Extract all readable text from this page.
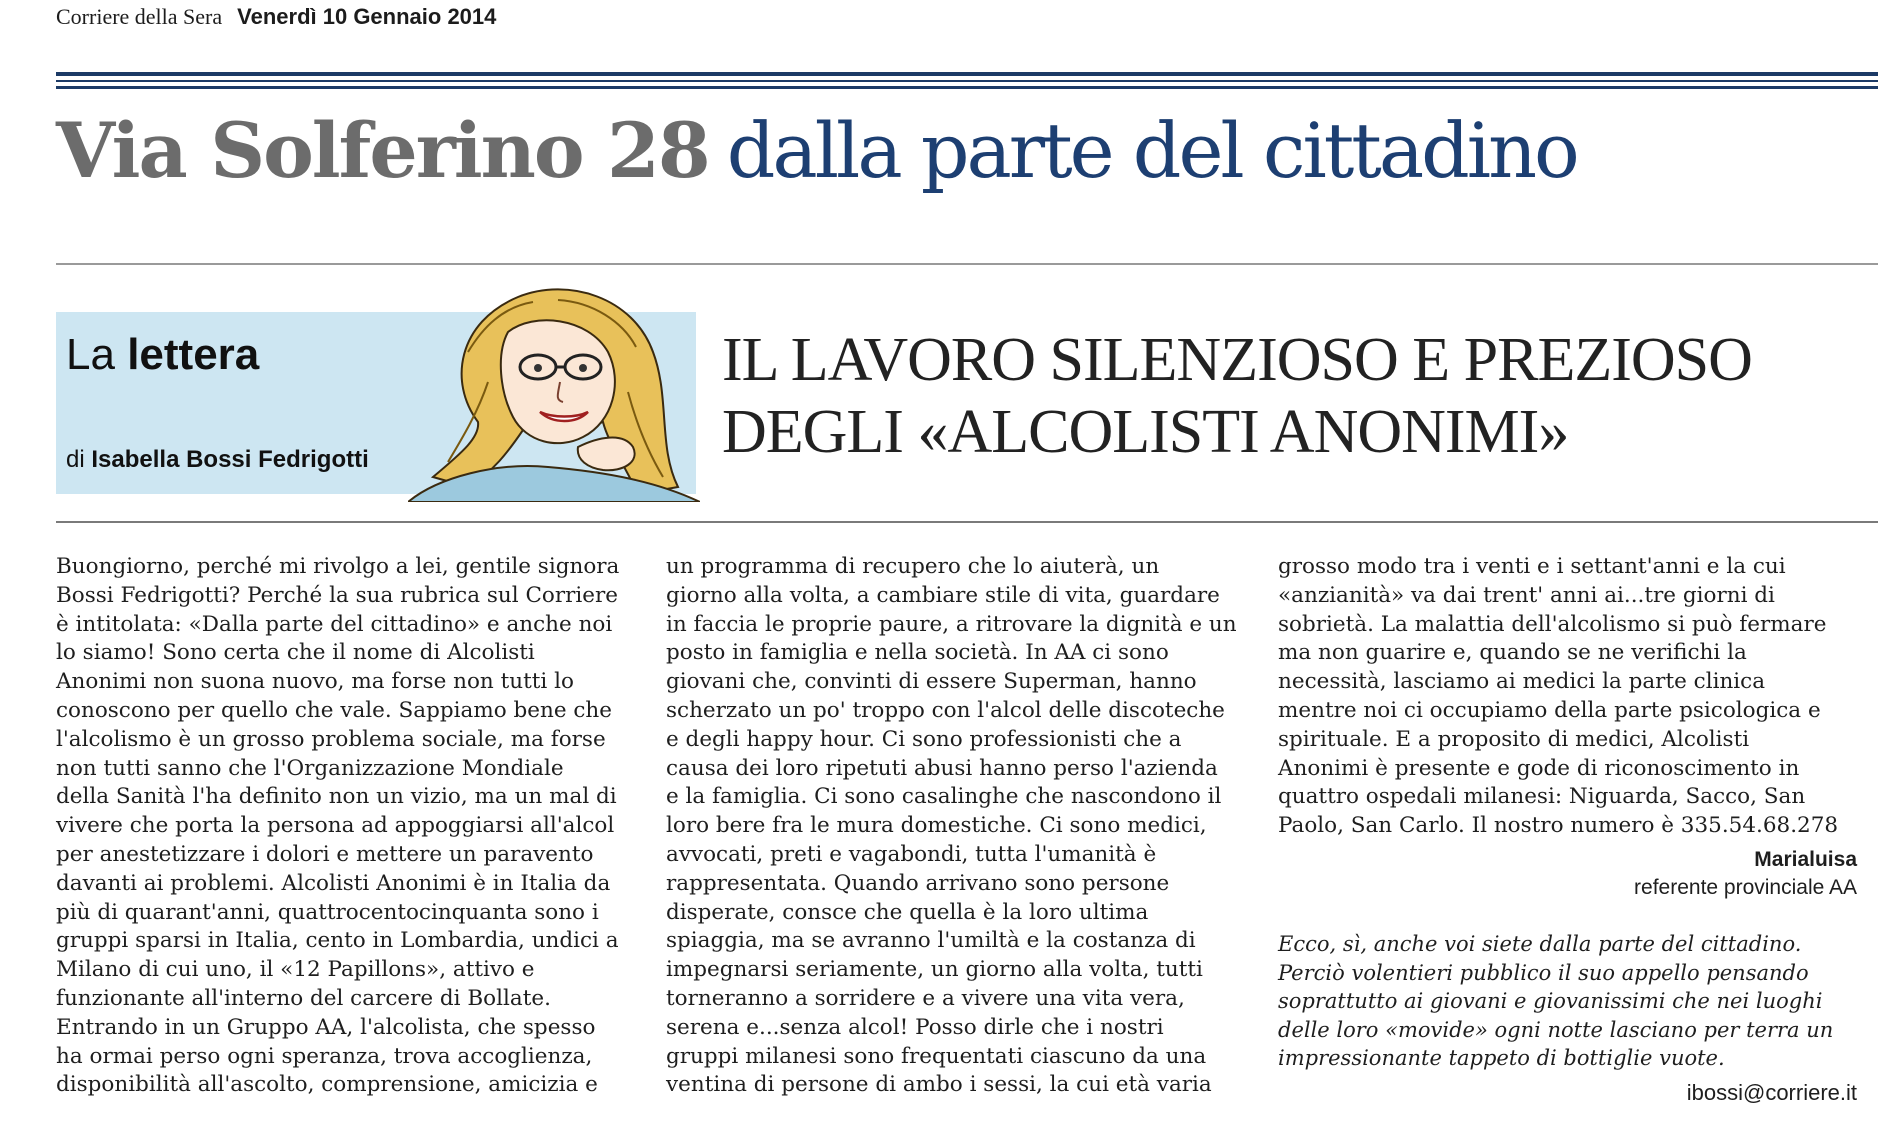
Corriere della Sera Venerdì 10 Gennaio 2014
Via Solferino 28 dalla parte del cittadino
La lettera
di Isabella Bossi Fedrigotti
IL LAVORO SILENZIOSO E PREZIOSO
DEGLI «ALCOLISTI ANONIMI»
Buongiorno, perché mi rivolgo a lei, gentile signora
Bossi Fedrigotti? Perché la sua rubrica sul Corriere
è intitolata: «Dalla parte del cittadino» e anche noi
lo siamo! Sono certa che il nome di Alcolisti
Anonimi non suona nuovo, ma forse non tutti lo
conoscono per quello che vale. Sappiamo bene che
l'alcolismo è un grosso problema sociale, ma forse
non tutti sanno che l'Organizzazione Mondiale
della Sanità l'ha definito non un vizio, ma un mal di
vivere che porta la persona ad appoggiarsi all'alcol
per anestetizzare i dolori e mettere un paravento
davanti ai problemi. Alcolisti Anonimi è in Italia da
più di quarant'anni, quattrocentocinquanta sono i
gruppi sparsi in Italia, cento in Lombardia, undici a
Milano di cui uno, il «12 Papillons», attivo e
funzionante all'interno del carcere di Bollate.
Entrando in un Gruppo AA, l'alcolista, che spesso
ha ormai perso ogni speranza, trova accoglienza,
disponibilità all'ascolto, comprensione, amicizia e
un programma di recupero che lo aiuterà, un
giorno alla volta, a cambiare stile di vita, guardare
in faccia le proprie paure, a ritrovare la dignità e un
posto in famiglia e nella società. In AA ci sono
giovani che, convinti di essere Superman, hanno
scherzato un po' troppo con l'alcol delle discoteche
e degli happy hour. Ci sono professionisti che a
causa dei loro ripetuti abusi hanno perso l'azienda
e la famiglia. Ci sono casalinghe che nascondono il
loro bere fra le mura domestiche. Ci sono medici,
avvocati, preti e vagabondi, tutta l'umanità è
rappresentata. Quando arrivano sono persone
disperate, consce che quella è la loro ultima
spiaggia, ma se avranno l'umiltà e la costanza di
impegnarsi seriamente, un giorno alla volta, tutti
torneranno a sorridere e a vivere una vita vera,
serena e...senza alcol! Posso dirle che i nostri
gruppi milanesi sono frequentati ciascuno da una
ventina di persone di ambo i sessi, la cui età varia
grosso modo tra i venti e i settant'anni e la cui
«anzianità» va dai trent' anni ai...tre giorni di
sobrietà. La malattia dell'alcolismo si può fermare
ma non guarire e, quando se ne verifichi la
necessità, lasciamo ai medici la parte clinica
mentre noi ci occupiamo della parte psicologica e
spirituale. E a proposito di medici, Alcolisti
Anonimi è presente e gode di riconoscimento in
quattro ospedali milanesi: Niguarda, Sacco, San
Paolo, San Carlo. Il nostro numero è 335.54.68.278
Marialuisa
referente provinciale AA
Ecco, sì, anche voi siete dalla parte del cittadino.
Perciò volentieri pubblico il suo appello pensando
soprattutto ai giovani e giovanissimi che nei luoghi
delle loro «movide» ogni notte lasciano per terra un
impressionante tappeto di bottiglie vuote.
ibossi@corriere.it
